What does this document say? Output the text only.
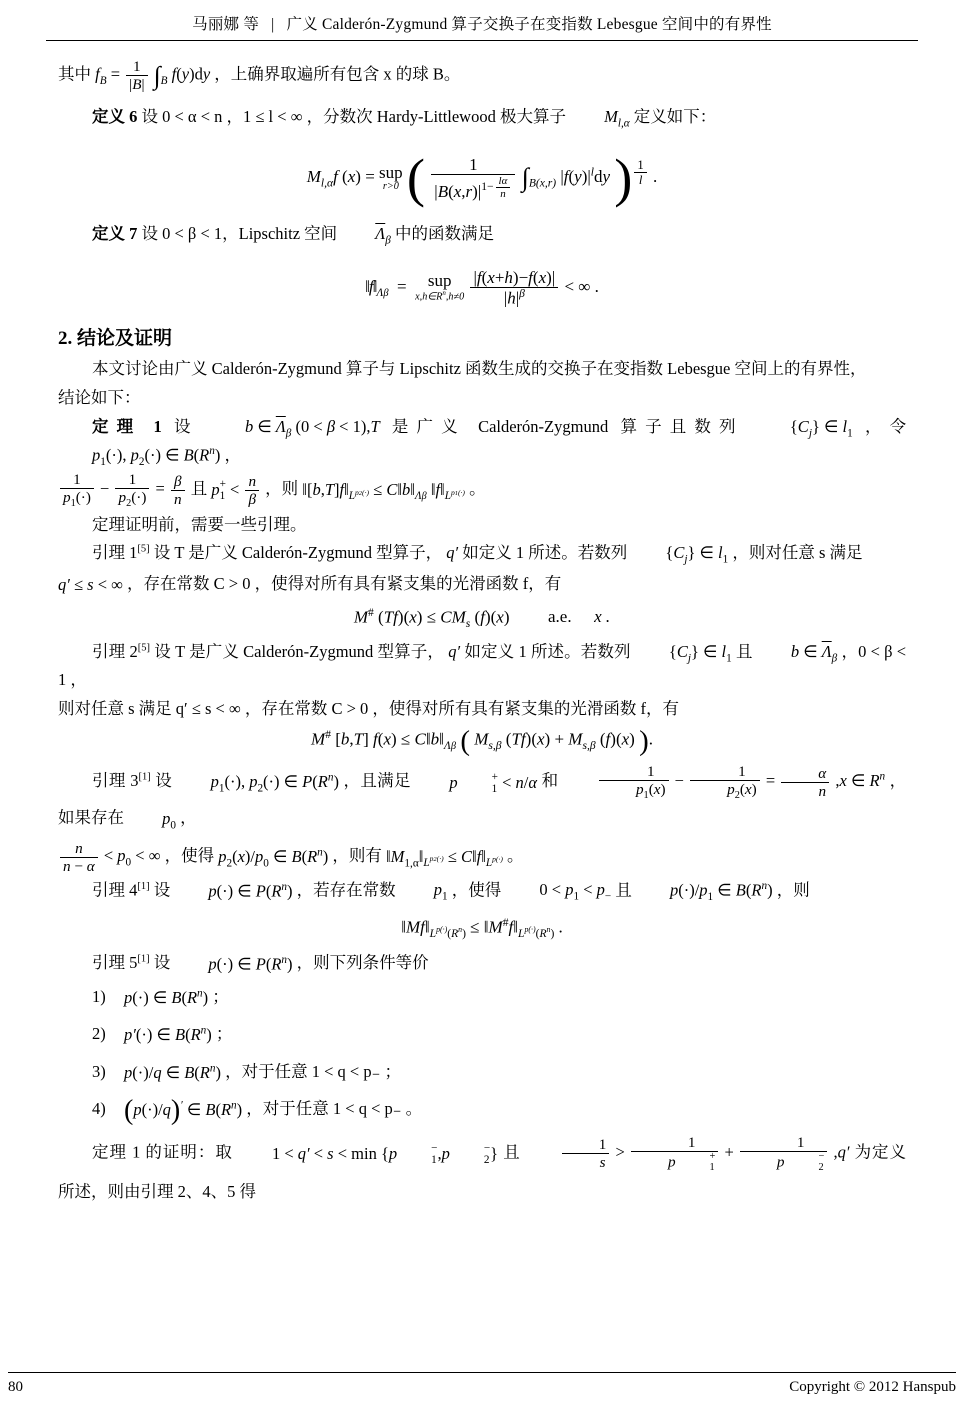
马丽娜 等 | 广义 Calderón-Zygmund 算子交换子在变指数 Lebesgue 空间中的有界性
其中 $f_B = \frac{1}{|B|} \int_B$ f(y)dy ，上确界取遍所有包含 x 的球 B。
定义 6 设 0 < α < n ，1 ≤ l < ∞ ，分数次 Hardy-Littlewood 极大算子 $M_{l,\alpha}$ 定义如下：
$M_{l,\alpha}f$ (x) = sup
r>0 ( 1
$|B(x,r)|^{1- \frac{l\alpha}{n}}$ $\int_{B(x,r)}$ $|f(y)|^ldy$ ) $^{\frac{1}{l}}$ .
定义 7 设 0 < β < 1，Lipschitz 空间 $\overline{\Lambda}_\beta$ 中的函数满足
$‖f‖_{\Lambda\beta}$  = sup
$x,h\in R^n,h\ne 0$
$\frac{|f(x+h)-f(x)|}{|h|^\beta}$ < ∞ .
2. 结论及证明
本文讨论由广义 Calderón-Zygmund 算子与 Lipschitz 函数生成的交换子在变指数 Lebesgue 空间上的有界性，
结论如下：
定理 1 设	b ∈ $\overline{\Lambda}_\beta$ (0 < β < 1),T 是广义 Calderón-Zygmund 算子且数列	$\{C_j\}$ ∈ $l_1$ ，令 $p_1(\cdot)$, $p_2(\cdot)$ ∈ $B(R^n)$ ，
$\frac{1}{p_1(\cdot)} - \frac{1}{p_2(\cdot)} = \frac{\beta}{n}$ 且 p +
$1 < \frac{n}{\beta}$ ，则 $‖[b,T]f‖_{L^{p2(\cdot)}}$ ≤ $C‖b‖_{\Lambda\beta}$ $‖f‖_{L^{p1(\cdot)}}$ 。
定理证明前，需要一些引理。
引理 1[5] 设 T 是广义 Calderón-Zygmund 型算子， q′ 如定义 1 所述。若数列 $\{C_j\}$ ∈ $l_1$ ，则对任意 s 满足
q′ ≤ s < ∞ ，存在常数 C > 0 ，使得对所有具有紧支集的光滑函数 f，有
M# $(Tf)(x) \le CM_s$ (f)(x) a.e. x .
引理 2[5] 设 T 是广义 Calderón-Zygmund 型算子， q′ 如定义 1 所述。若数列 $\{C_j\}$ ∈ $l_1$ 且 b ∈ $\overline{\Lambda}_\beta$ ，0 < β < 1 ，
则对任意 s 满足 q′ ≤ s < ∞ ，存在常数 C > 0 ，使得对所有具有紧支集的光滑函数 f，有
M# [b,T] $f(x) \le C‖b‖_{\Lambda\beta}$ ( $M_{s,\beta}$ $(Tf)(x) + M_{s,\beta}$ (f)(x) ).
引理 3[1] 设 $p_1(\cdot)$, $p_2(\cdot)$ ∈ $P(R^n)$ ，且满足 p	+
1 < n/α 和	$\frac{1}{p_1(x)} - \frac{1}{p_2(x)} = \frac{\alpha}{n} ,x$ ∈ $R^n$ ，如果存在 $p_0$ ，
$\frac{n}{n - \alpha} < p_0$ < ∞ ，使得 $p_2(x)/p_0$ ∈ $B(R^n)$ ，则有 $‖M_{1,\alpha}‖_{L^{p2(\cdot)}}$ ≤ $C‖f‖_{L^{p(\cdot)}}$ 。
引理 4[1] 设 p(·) ∈ $P(R^n)$ ，若存在常数 $p_1$ ，使得 $0 < p_1 < p_-$ 且 $p(\cdot)/p_1$ ∈ $B(R^n)$ ，则
$‖Mf‖_{L^{p(\cdot)}(R^n)}$ ≤ $‖M^{\#}f‖_{L^{p(\cdot)}(R^n)}$ .
引理 5[1] 设 p(·) ∈ $P(R^n)$ ，则下列条件等价
1) p(·) ∈ $B(R^n)$ ；
2) p′(·) ∈ $B(R^n)$ ；
3) p(·)/q ∈ $B(R^n)$ ，对于任意 1 < q < p₋ ；
4) (p(·)/q)′ ∈ $B(R^n)$ ，对于任意 1 < q < p₋ 。
定理 1 的证明：取 1 < q′ < s < min {p	−
1 ,p	−
2 } 且	$\frac{1}{s} > 1$
p	+
1 + 1
p	−
2 ,q′ 为定义所述，则由引理 2、4、5 得
80	Copyright © 2012 Hanspub
